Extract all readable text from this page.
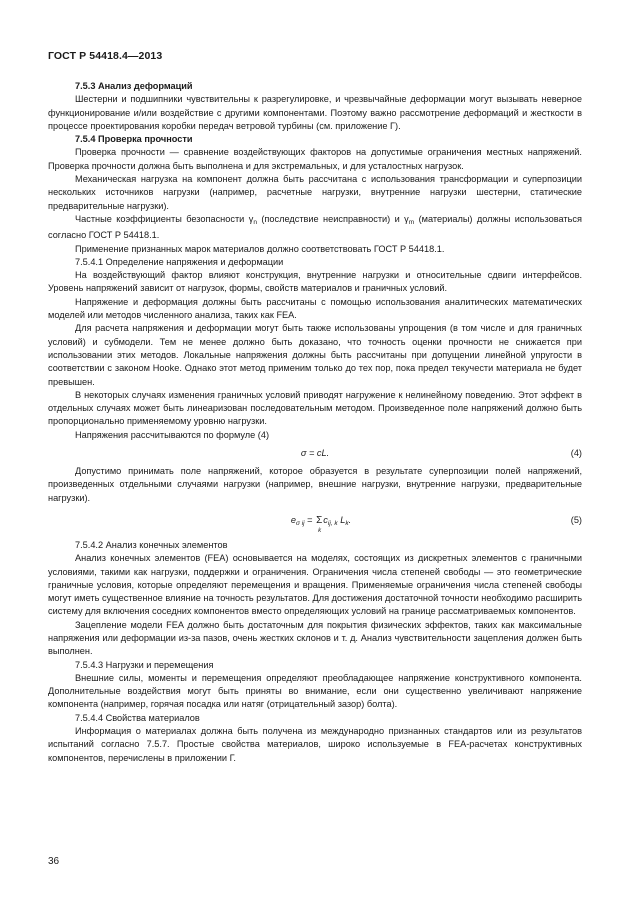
ГОСТ Р 54418.4—2013

7.5.3 Анализ деформаций

Шестерни и подшипники чувствительны к разрегулировке, и чрезвычайные деформации могут вызывать неверное функционирование и/или воздействие с другими компонентами. Поэтому важно рассмотрение деформаций и жесткости в процессе проектирования коробки передач ветровой турбины (см. приложение Г).

7.5.4 Проверка прочности

Проверка прочности — сравнение воздействующих факторов на допустимые ограничения местных напряжений. Проверка прочности должна быть выполнена и для экстремальных, и для усталостных нагрузок.

Механическая нагрузка на компонент должна быть рассчитана с использования трансформации и суперпозиции нескольких источников нагрузки (например, расчетные нагрузки, внутренние нагрузки шестерни, статические предварительные нагрузки).

Частные коэффициенты безопасности $\gamma_n$ (последствие неисправности) и $\gamma_m$ (материалы) должны использоваться согласно ГОСТ Р 54418.1.

Применение признанных марок материалов должно соответствовать ГОСТ Р 54418.1.

7.5.4.1 Определение напряжения и деформации

На воздействующий фактор влияют конструкция, внутренние нагрузки и относительные сдвиги интерфейсов. Уровень напряжений зависит от нагрузок, формы, свойств материалов и граничных условий.

Напряжение и деформация должны быть рассчитаны с помощью использования аналитических математических моделей или методов численного анализа, таких как FEA.

Для расчета напряжения и деформации могут быть также использованы упрощения (в том числе и для граничных условий) и субмодели. Тем не менее должно быть доказано, что точность оценки прочности не снижается при использовании этих методов. Локальные напряжения должны быть рассчитаны при допущении линейной упругости в соответствии с законом Hooke. Однако этот метод применим только до тех пор, пока предел текучести материала не будет превышен.

В некоторых случаях изменения граничных условий приводят нагружение к нелинейному поведению. Этот эффект в отдельных случаях может быть линеаризован последовательным методом. Произведенное поле напряжений должно быть пропорционально применяемому уровню нагрузки.

Напряжения рассчитываются по формуле (4)

σ = cL.	(4)

Допустимо принимать поле напряжений, которое образуется в результате суперпозиции полей напряжений, произведенных отдельными случаями нагрузки (например, внешние нагрузки, внутренние нагрузки, предварительные нагрузки).

$e_{\sigma ij} = \Sigma$
k
$c_{ij, k}$ $L_k$.	(5)

7.5.4.2 Анализ конечных элементов

Анализ конечных элементов (FEA) основывается на моделях, состоящих из дискретных элементов с граничными условиями, такими как нагрузки, поддержки и ограничения. Ограничения числа степеней свободы — это геометрические граничные условия, которые определяют перемещения и вращения. Применяемые ограничения числа степеней свободы могут иметь существенное влияние на точность результатов. Для достижения достаточной точности необходимо расширить систему для включения соседних компонентов вместо определяющих условий на границе рассматриваемых компонентов.

Зацепление модели FEA должно быть достаточным для покрытия физических эффектов, таких как максимальные напряжения или деформации из-за пазов, очень жестких склонов и т. д. Анализ чувствительности зацепления должен быть выполнен.

7.5.4.3 Нагрузки и перемещения

Внешние силы, моменты и перемещения определяют преобладающее напряжение конструктивного компонента. Дополнительные воздействия могут быть приняты во внимание, если они существенно увеличивают напряжение компонента (например, горячая посадка или натяг (отрицательный зазор) болта).

7.5.4.4 Свойства материалов

Информация о материалах должна быть получена из международно признанных стандартов или из результатов испытаний согласно 7.5.7. Простые свойства материалов, широко используемые в FEA-расчетах конструктивных компонентов, перечислены в приложении Г.

36
